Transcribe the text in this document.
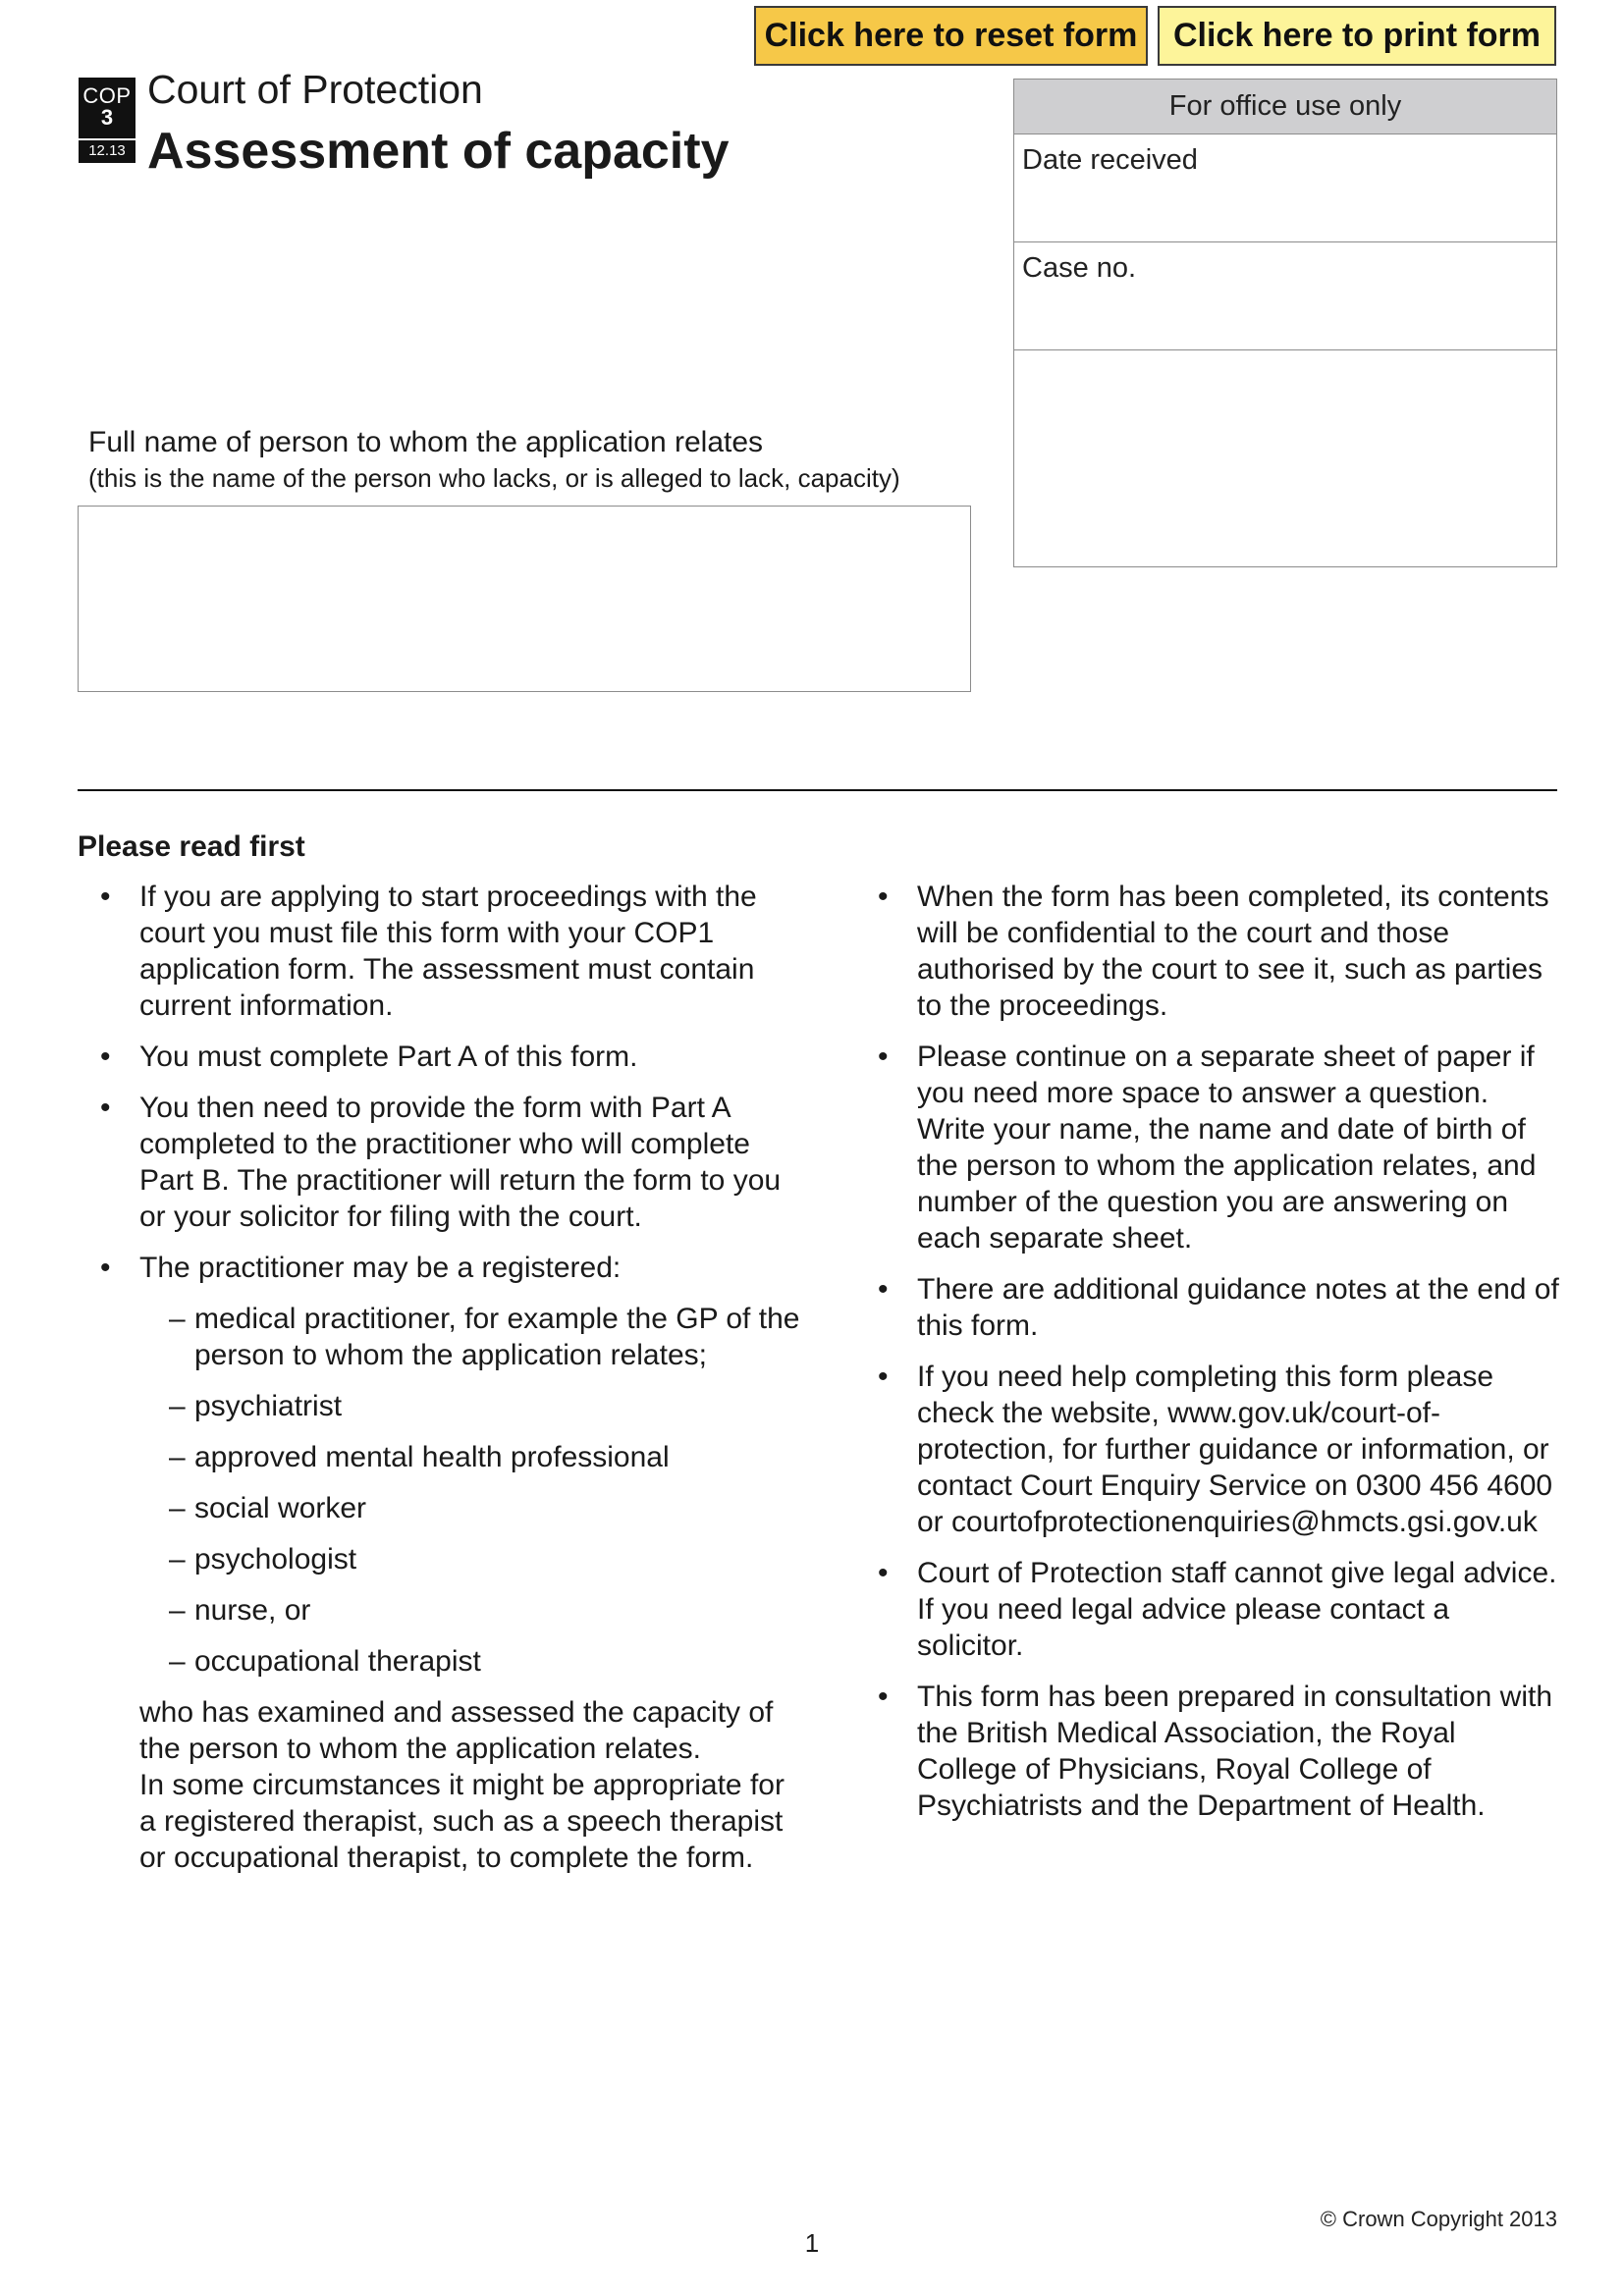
Click here to reset form	Click here to print form
COP
3
12.13
Court of Protection
Assessment of capacity
For office use only
Date received
Case no.
Full name of person to whom the application relates
(this is the name of the person who lacks, or is alleged to lack, capacity)
Please read first
• If you are applying to start proceedings with the court you must file this form with your COP1 application form. The assessment must contain current information.
• You must complete Part A of this form.
• You then need to provide the form with Part A completed to the practitioner who will complete Part B. The practitioner will return the form to you or your solicitor for filing with the court.
• The practitioner may be a registered:
– medical practitioner, for example the GP of the person to whom the application relates;
– psychiatrist
– approved mental health professional
– social worker
– psychologist
– nurse, or
– occupational therapist
who has examined and assessed the capacity of the person to whom the application relates.
In some circumstances it might be appropriate for a registered therapist, such as a speech therapist or occupational therapist, to complete the form.
• When the form has been completed, its contents will be confidential to the court and those authorised by the court to see it, such as parties to the proceedings.
• Please continue on a separate sheet of paper if you need more space to answer a question. Write your name, the name and date of birth of the person to whom the application relates, and number of the question you are answering on each separate sheet.
• There are additional guidance notes at the end of this form.
• If you need help completing this form please check the website, www.gov.uk/court-of-protection, for further guidance or information, or contact Court Enquiry Service on 0300 456 4600 or courtofprotectionenquiries@hmcts.gsi.gov.uk
• Court of Protection staff cannot give legal advice. If you need legal advice please contact a solicitor.
• This form has been prepared in consultation with the British Medical Association, the Royal College of Physicians, Royal College of Psychiatrists and the Department of Health.
© Crown Copyright 2013
1
